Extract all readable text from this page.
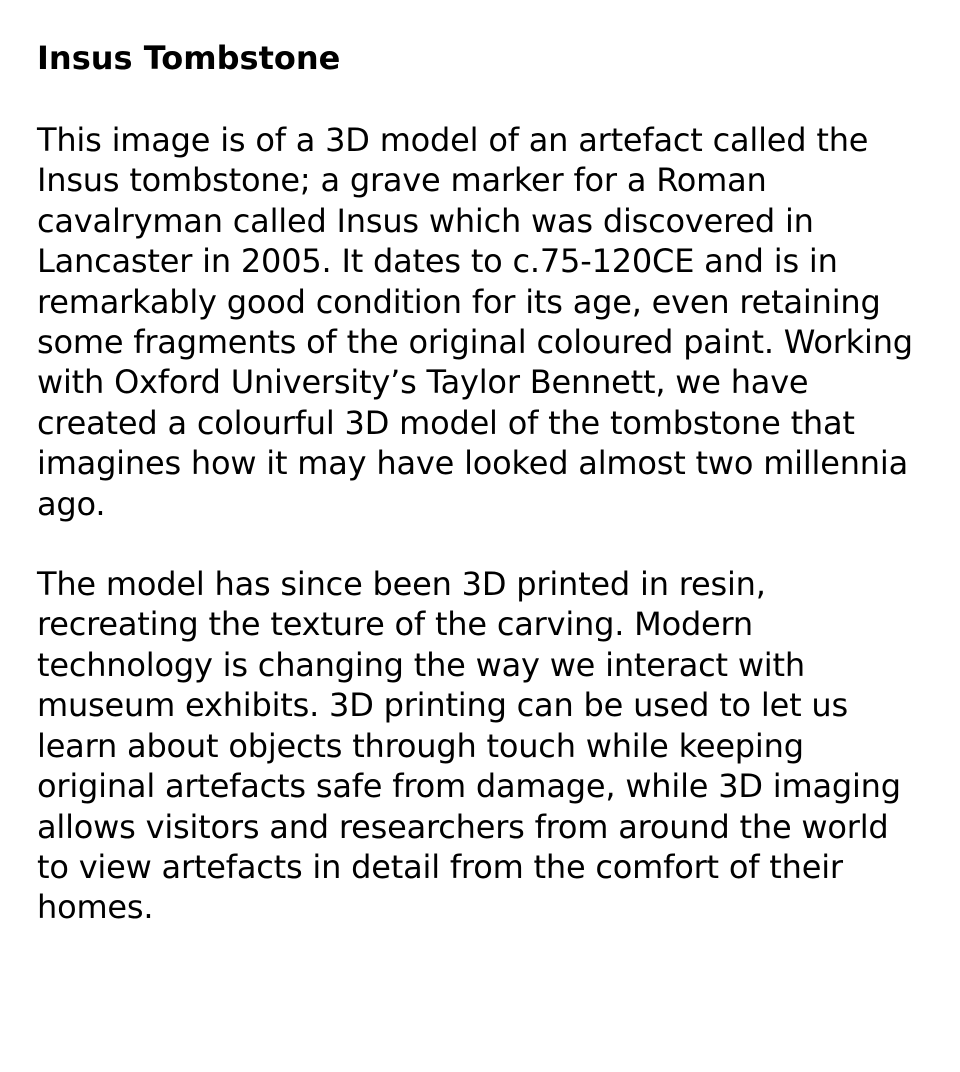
Insus Tombstone

This image is of a 3D model of an artefact called the Insus tombstone; a grave marker for a Roman cavalryman called Insus which was discovered in Lancaster in 2005. It dates to c.75-120CE and is in remarkably good condition for its age, even retaining some fragments of the original coloured paint. Working with Oxford University’s Taylor Bennett, we have created a colourful 3D model of the tombstone that imagines how it may have looked almost two millennia ago.

The model has since been 3D printed in resin, recreating the texture of the carving. Modern technology is changing the way we interact with museum exhibits. 3D printing can be used to let us learn about objects through touch while keeping original artefacts safe from damage, while 3D imaging allows visitors and researchers from around the world to view artefacts in detail from the comfort of their homes.
